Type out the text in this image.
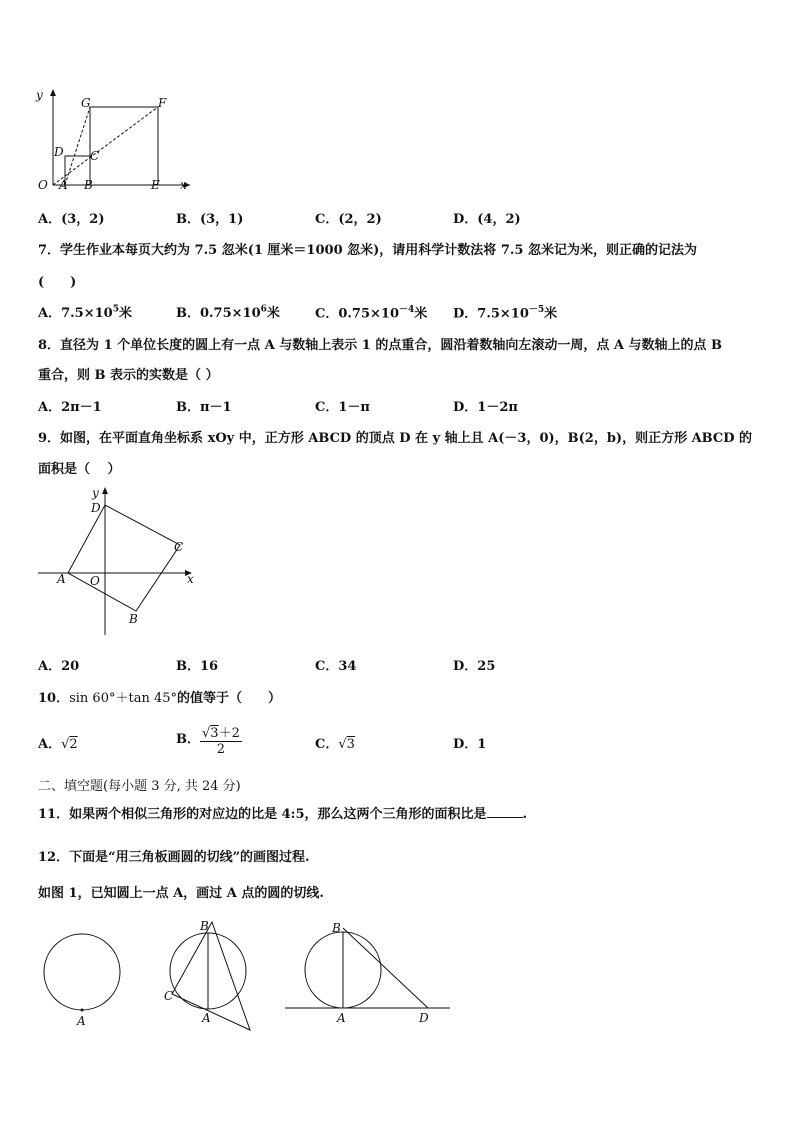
y
x
O A B	E
D C
G	F
A．(3，2)	B．(3，1)	C．(2，2)	D．(4，2)
7．学生作业本每页大约为 7.5 忽米(1 厘米＝1000 忽米)，请用科学计数法将 7.5 忽米记为米，则正确的记法为
(　　)
A．$7.5\times 10^5$米	B．$0.75\times 10^6$米	C．$0.75\times 10^{-4}$米 D．$7.5\times 10^{-5}$米
8．直径为 1 个单位长度的圆上有一点 A 与数轴上表示 1 的点重合，圆沿着数轴向左滚动一周，点 A 与数轴上的点 B
重合，则 B 表示的实数是（ ）
A．2π－1	B．π－1	C．1－π	D．1－2π
9．如图，在平面直角坐标系 xOy 中，正方形 ABCD 的顶点 D 在 y 轴上且 A(－3，0)，B(2，b)，则正方形 ABCD 的
面积是（　 ）
y
x
D
C
A O
B
A．20	B．16	C．34	D．25
10．sin 60°＋tan 45°的值等于（　　）
A．√2	B． $\frac{√3+2}{2}$	C．√3	D．1
二、填空题(每小题 3 分, 共 24 分)
11．如果两个相似三角形的对应边的比是 4:5，那么这两个三角形的面积比是	.
12．下面是“用三角板画圆的切线”的画图过程.
如图 1，已知圆上一点 A，画过 A 点的圆的切线.
A
B
C
A
B
A	D
